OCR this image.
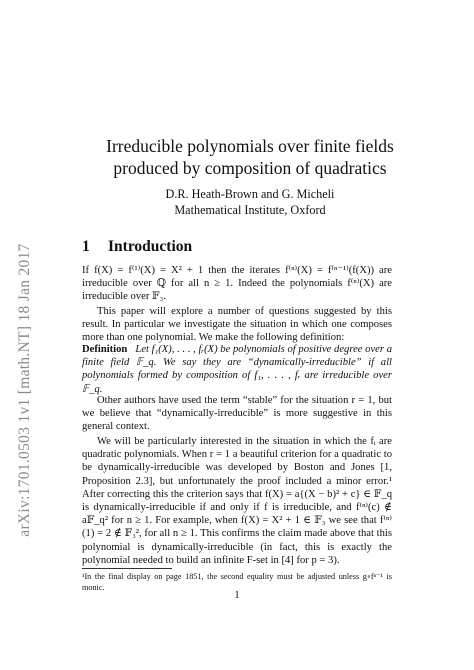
arXiv:1701.0503 1v1 [math.NT] 18 Jan 2017
Irreducible polynomials over finite fields
produced by composition of quadratics
D.R. Heath-Brown and G. Micheli
Mathematical Institute, Oxford
1 Introduction

If f(X) = f⁽¹⁾(X) = X² + 1 then the iterates f⁽ⁿ⁾(X) = f⁽ⁿ⁻¹⁾(f(X)) are irreducible over ℚ for all n ≥ 1. Indeed the polynomials f⁽ⁿ⁾(X) are irreducible over 𝔽₃.

This paper will explore a number of questions suggested by this result. In particular we investigate the situation in which one composes more than one polynomial. We make the following definition:

Definition Let f₁(X), . . . , fᵣ(X) be polynomials of positive degree over a finite field 𝔽_q. We say they are “dynamically-irreducible” if all polynomials formed by composition of f₁, . . . , fᵣ are irreducible over 𝔽_q.

Other authors have used the term “stable” for the situation r = 1, but we believe that “dynamically-irreducible” is more suggestive in this general context.

We will be particularly interested in the situation in which the fᵢ are quadratic polynomials. When r = 1 a beautiful criterion for a quadratic to be dynamically-irreducible was developed by Boston and Jones [1, Proposition 2.3], but unfortunately the proof included a minor error.¹ After correcting this the criterion says that f(X) = a{(X − b)² + c} ∈ 𝔽_q is dynamically-irreducible if and only if f is irreducible, and f⁽ⁿ⁾(c) ∉ a𝔽_q² for n ≥ 1. For example, when f(X) = X² + 1 ∈ 𝔽₃ we see that f⁽ⁿ⁾(1) = 2 ∉ 𝔽₃², for all n ≥ 1. This confirms the claim made above that this polynomial is dynamically-irreducible (in fact, this is exactly the polynomial needed to build an infinite F-set in [4] for p = 3).

¹In the final display on page 1851, the second equality must be adjusted unless g∘fⁿ⁻¹ is monic.

1
